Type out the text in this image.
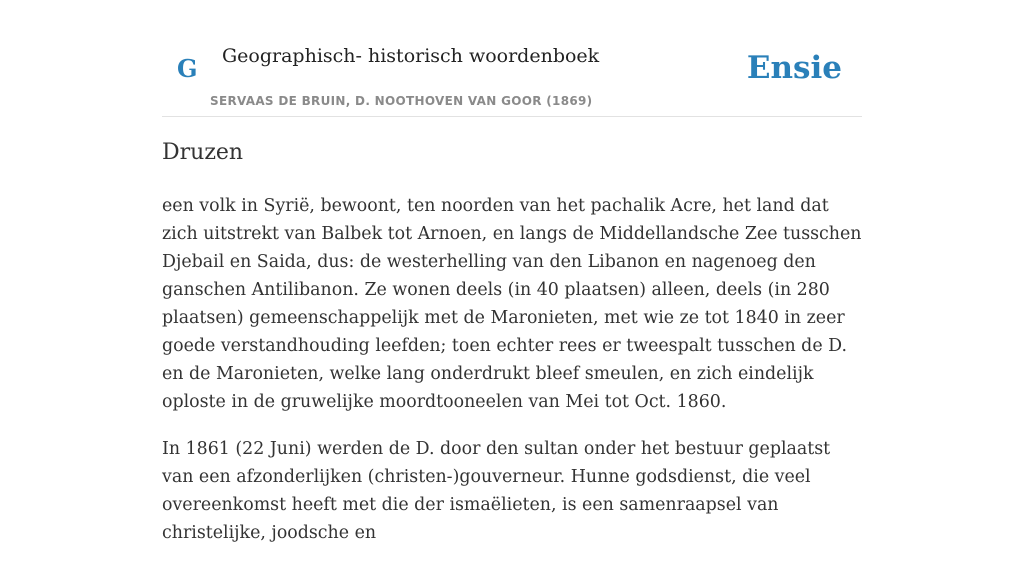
G Geographisch- historisch woordenboek
SERVAAS DE BRUIN, D. NOOTHOVEN VAN GOOR (1869)
Ensie
Druzen

een volk in Syrië, bewoont, ten noorden van het pachalik Acre, het land dat zich uitstrekt van Balbek tot Arnoen, en langs de Middellandsche Zee tusschen Djebail en Saida, dus: de westerhelling van den Libanon en nagenoeg den ganschen Antilibanon. Ze wonen deels (in 40 plaatsen) alleen, deels (in 280 plaatsen) gemeenschappelijk met de Maronieten, met wie ze tot 1840 in zeer goede verstandhouding leefden; toen echter rees er tweespalt tusschen de D. en de Maronieten, welke lang onderdrukt bleef smeulen, en zich eindelijk oploste in de gruwelijke moordtooneelen van Mei tot Oct. 1860.

In 1861 (22 Juni) werden de D. door den sultan onder het bestuur geplaatst van een afzonderlijken (christen-)gouverneur. Hunne godsdienst, die veel overeenkomst heeft met die der ismaëlieten, is een samenraapsel van christelijke, joodsche en
